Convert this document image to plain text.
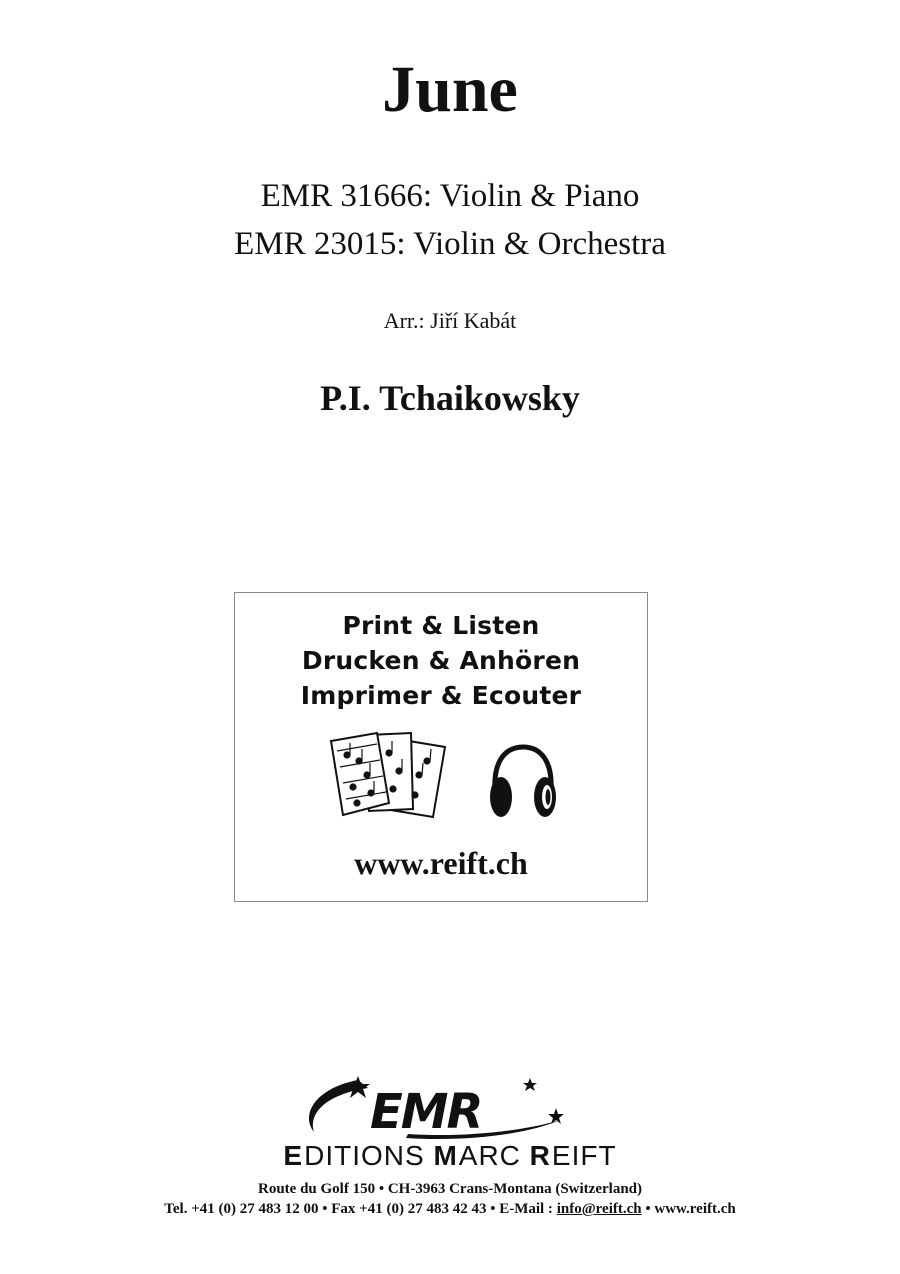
June
EMR 31666: Violin & Piano
EMR 23015: Violin & Orchestra
Arr.: Jiří Kabát
P.I. Tchaikowsky
Print & Listen
Drucken & Anhören
Imprimer & Ecouter
www.reift.ch
EMR
EDITIONS MARC REIFT
Route du Golf 150 • CH-3963 Crans-Montana (Switzerland)
Tel. +41 (0) 27 483 12 00 • Fax +41 (0) 27 483 42 43 • E-Mail : info@reift.ch • www.reift.ch
